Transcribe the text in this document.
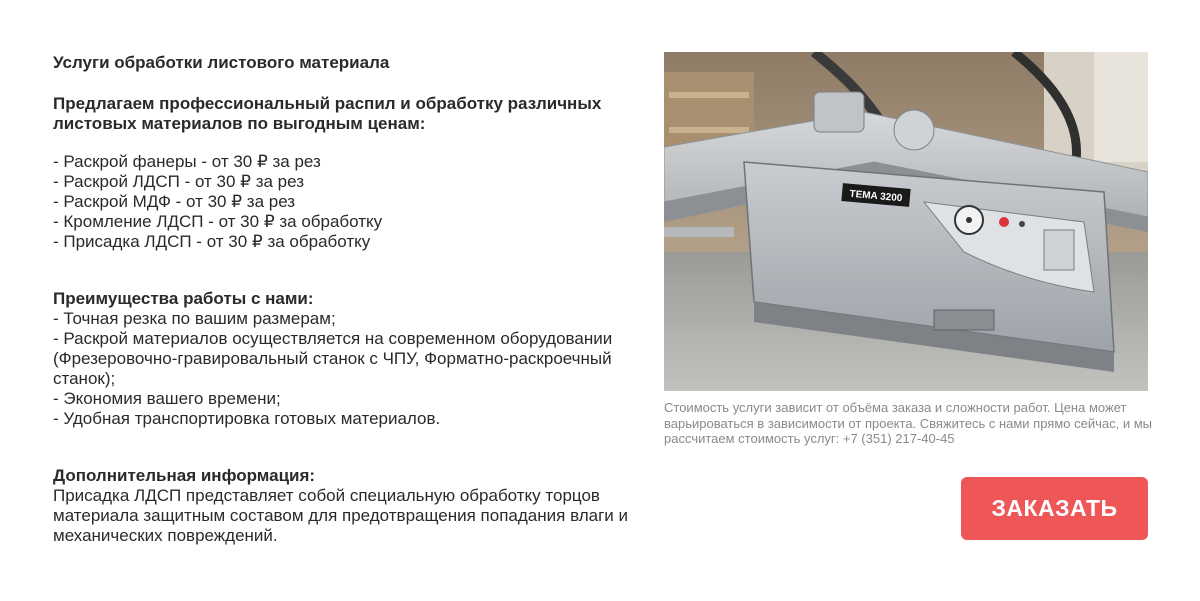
Услуги обработки листового материала
Предлагаем профессиональный распил и обработку различных листовых материалов по выгодным ценам:
- Раскрой фанеры - от 30 ₽ за рез
- Раскрой ЛДСП - от 30 ₽ за рез
- Раскрой МДФ - от 30 ₽ за рез
- Кромление ЛДСП - от 30 ₽ за обработку
- Присадка ЛДСП - от 30 ₽ за обработку
Преимущества работы с нами:
- Точная резка по вашим размерам;
- Раскрой материалов осуществляется на современном оборудовании (Фрезеровочно-гравировальный станок с ЧПУ, Форматно-раскроечный станок);
- Экономия вашего времени;
- Удобная транспортировка готовых материалов.
Дополнительная информация:
Присадка ЛДСП представляет собой специальную обработку торцов материала защитным составом для предотвращения попадания влаги и механических повреждений.
TEMA 3200
Стоимость услуги зависит от объёма заказа и сложности работ. Цена может варьироваться в зависимости от проекта. Свяжитесь с нами прямо сейчас, и мы рассчитаем стоимость услуг: +7 (351) 217-40-45
ЗАКАЗАТЬ
